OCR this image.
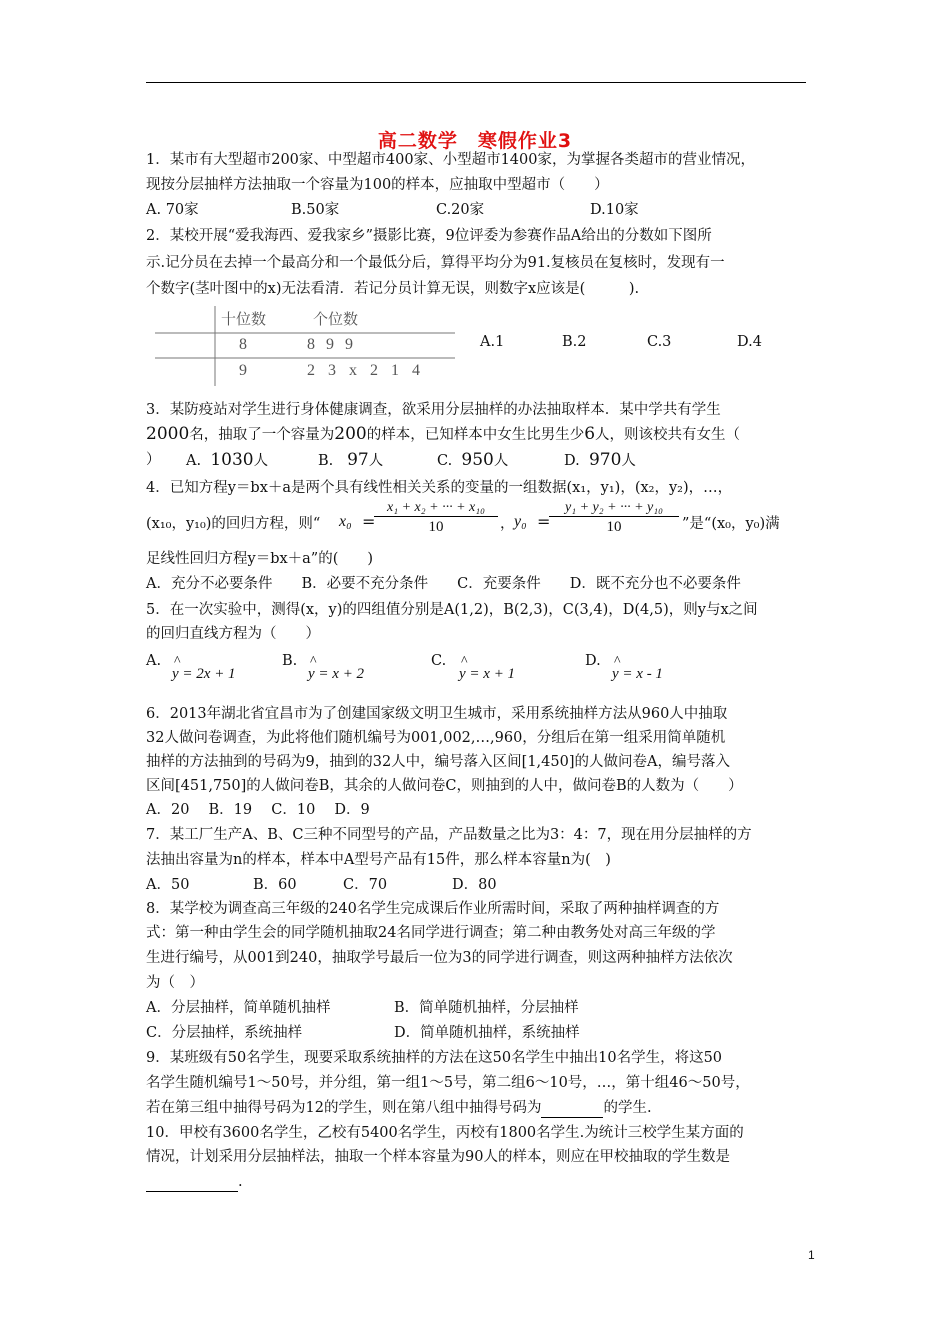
高二数学　寒假作业3
1．某市有大型超市200家、中型超市400家、小型超市1400家，为掌握各类超市的营业情况，
现按分层抽样方法抽取一个容量为100的样本，应抽取中型超市（　　）
A. 70家	B.50家	C.20家	D.10家
2．某校开展“爱我海西、爱我家乡”摄影比赛，9位评委为参赛作品A给出的分数如下图所
示.记分员在去掉一个最高分和一个最低分后，算得平均分为91.复核员在复核时，发现有一
个数字(茎叶图中的x)无法看清．若记分员计算无误，则数字x应该是(　　　).
十位数	个位数
8	8 9 9
9	2 3 x 2 1 4
A.1	B.2	C.3	D.4
3．某防疫站对学生进行身体健康调查，欲采用分层抽样的办法抽取样本．某中学共有学生
2000名，抽取了一个容量为200的样本，已知样本中女生比男生少6人，则该校共有女生（
） A. 1030人	B. 97人	C. 950人	D. 970人
4．已知方程y＝bx＋a是两个具有线性相关关系的变量的一组数据(x₁，y₁)，(x₂，y₂)，…，
(x₁₀，y₁₀)的回归方程，则“ x₀ =
$\frac{\text{x₁ + x₂ + ··· + x₁₀}}{10}$ ， y₀ =
$\frac{\text{y₁ + y₂ + ··· + y₁₀}}{10}$ ”是“(x₀，y₀)满
足线性回归方程y＝bx＋a”的(　　)
A．充分不必要条件　　B．必要不充分条件　　C．充要条件　　D．既不充分也不必要条件
5．在一次实验中，测得(x，y)的四组值分别是A(1,2)，B(2,3)，C(3,4)，D(4,5)，则y与x之间
的回归直线方程为（　　）
A. ^
y = 2x + 1
B. ^
y = x + 2
C. ^
y = x + 1
D. ^
y = x - 1
6．2013年湖北省宜昌市为了创建国家级文明卫生城市，采用系统抽样方法从960人中抽取
32人做问卷调查，为此将他们随机编号为001,002,…,960，分组后在第一组采用简单随机
抽样的方法抽到的号码为9，抽到的32人中，编号落入区间[1,450]的人做问卷A，编号落入
区间[451,750]的人做问卷B，其余的人做问卷C，则抽到的人中，做问卷B的人数为（　　）
A．20　 B．19　 C．10　 D．9
7．某工厂生产A、B、C三种不同型号的产品，产品数量之比为3：4：7，现在用分层抽样的方
法抽出容量为n的样本，样本中A型号产品有15件，那么样本容量n为(　)
A．50	B．60	C．70	D．80
8．某学校为调查高三年级的240名学生完成课后作业所需时间，采取了两种抽样调查的方
式：第一种由学生会的同学随机抽取24名同学进行调查；第二种由教务处对高三年级的学
生进行编号，从001到240，抽取学号最后一位为3的同学进行调查，则这两种抽样方法依次
为（　）
A．分层抽样，简单随机抽样	B．简单随机抽样，分层抽样
C．分层抽样，系统抽样	D．简单随机抽样，系统抽样
9．某班级有50名学生，现要采取系统抽样的方法在这50名学生中抽出10名学生，将这50
名学生随机编号1～50号，并分组，第一组1～5号，第二组6～10号，…，第十组46～50号，
若在第三组中抽得号码为12的学生，则在第八组中抽得号码为	的学生.
10．甲校有3600名学生，乙校有5400名学生，丙校有1800名学生.为统计三校学生某方面的
情况，计划采用分层抽样法，抽取一个样本容量为90人的样本，则应在甲校抽取的学生数是
.
1
